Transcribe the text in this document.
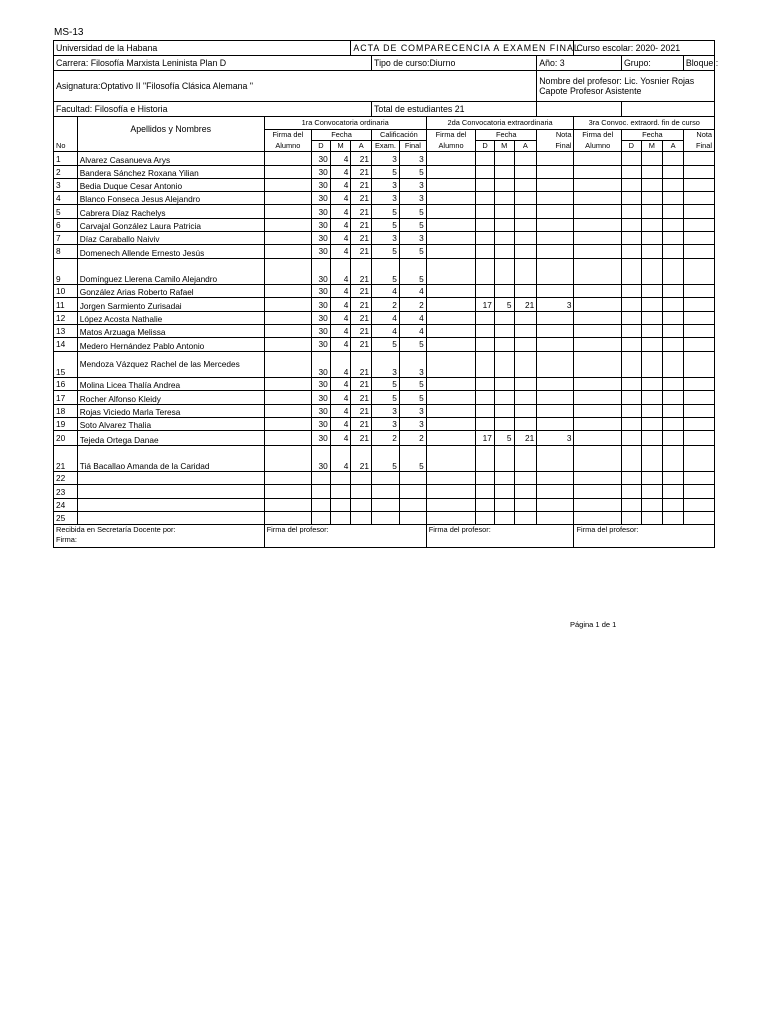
MS-13
Universidad de la Habana					ACTA DE COMPARECENCIA A EXAMEN FINAL								Curso escolar: 2020- 2021				
Carrera: Filosofía Marxista Leninista Plan D						Tipo de curso:Diurno						Año: 3		Grupo:			Bloque :
Asignatura:Optativo II "Filosofía Clásica Alemana "												Nombre del profesor: Lic. Yosnier Rojas Capote Profesor Asistente					
Facultad: Filosofía e Historia						Total de estudiantes 21											
	Apellidos y Nombres	1ra Convocatoria ordinaria						2da Convocatoria extraordinaria					3ra Convoc. extraord. fin de curso				
		Firma del	Fecha			Calificación		Firma del	Fecha			Nota	Firma del	Fecha			Nota
No		Alumno	D	M	A	Exam.	Final	Alumno	D	M	A	Final	Alumno	D	M	A	Final
1	Alvarez Casanueva Arys		30	4	21	3	3										
2	Bandera Sánchez Roxana Yilian		30	4	21	5	5										
3	Bedia Duque Cesar Antonio		30	4	21	3	3										
4	Blanco Fonseca Jesus Alejandro		30	4	21	3	3										
5	Cabrera Díaz Rachelys		30	4	21	5	5										
6	Carvajal González Laura Patricia		30	4	21	5	5										
7	Díaz Caraballo Naiviv		30	4	21	3	3										
8	Domenech Allende Ernesto Jesús		30	4	21	5	5										
9	Domínguez Llerena Camilo Alejandro		30	4	21	5	5										
10	González Arias Roberto Rafael		30	4	21	4	4										
11	Jorgen Sarmiento Zurisadai		30	4	21	2	2		17	5	21	3					
12	López Acosta Nathalie		30	4	21	4	4										
13	Matos Arzuaga Melissa		30	4	21	4	4										
14	Medero Hernández Pablo Antonio		30	4	21	5	5										
15	Mendoza Vázquez Rachel de las Mercedes		30	4	21	3	3										
16	Molina Licea Thalía Andrea		30	4	21	5	5										
17	Rocher Alfonso Kleidy		30	4	21	5	5										
18	Rojas Viciedo Marla Teresa		30	4	21	3	3										
19	Soto Alvarez Thalia		30	4	21	3	3										
20	Tejeda Ortega Danae		30	4	21	2	2		17	5	21	3					
21	Tiá Bacallao Amanda de la Caridad		30	4	21	5	5										
22																	
23																	
24																	
25																	

Recibida en Secretaría Docente por:
Firma:		Firma del profesor:						Firma del profesor:					Firma del profesor:				
Página 1 de 1
